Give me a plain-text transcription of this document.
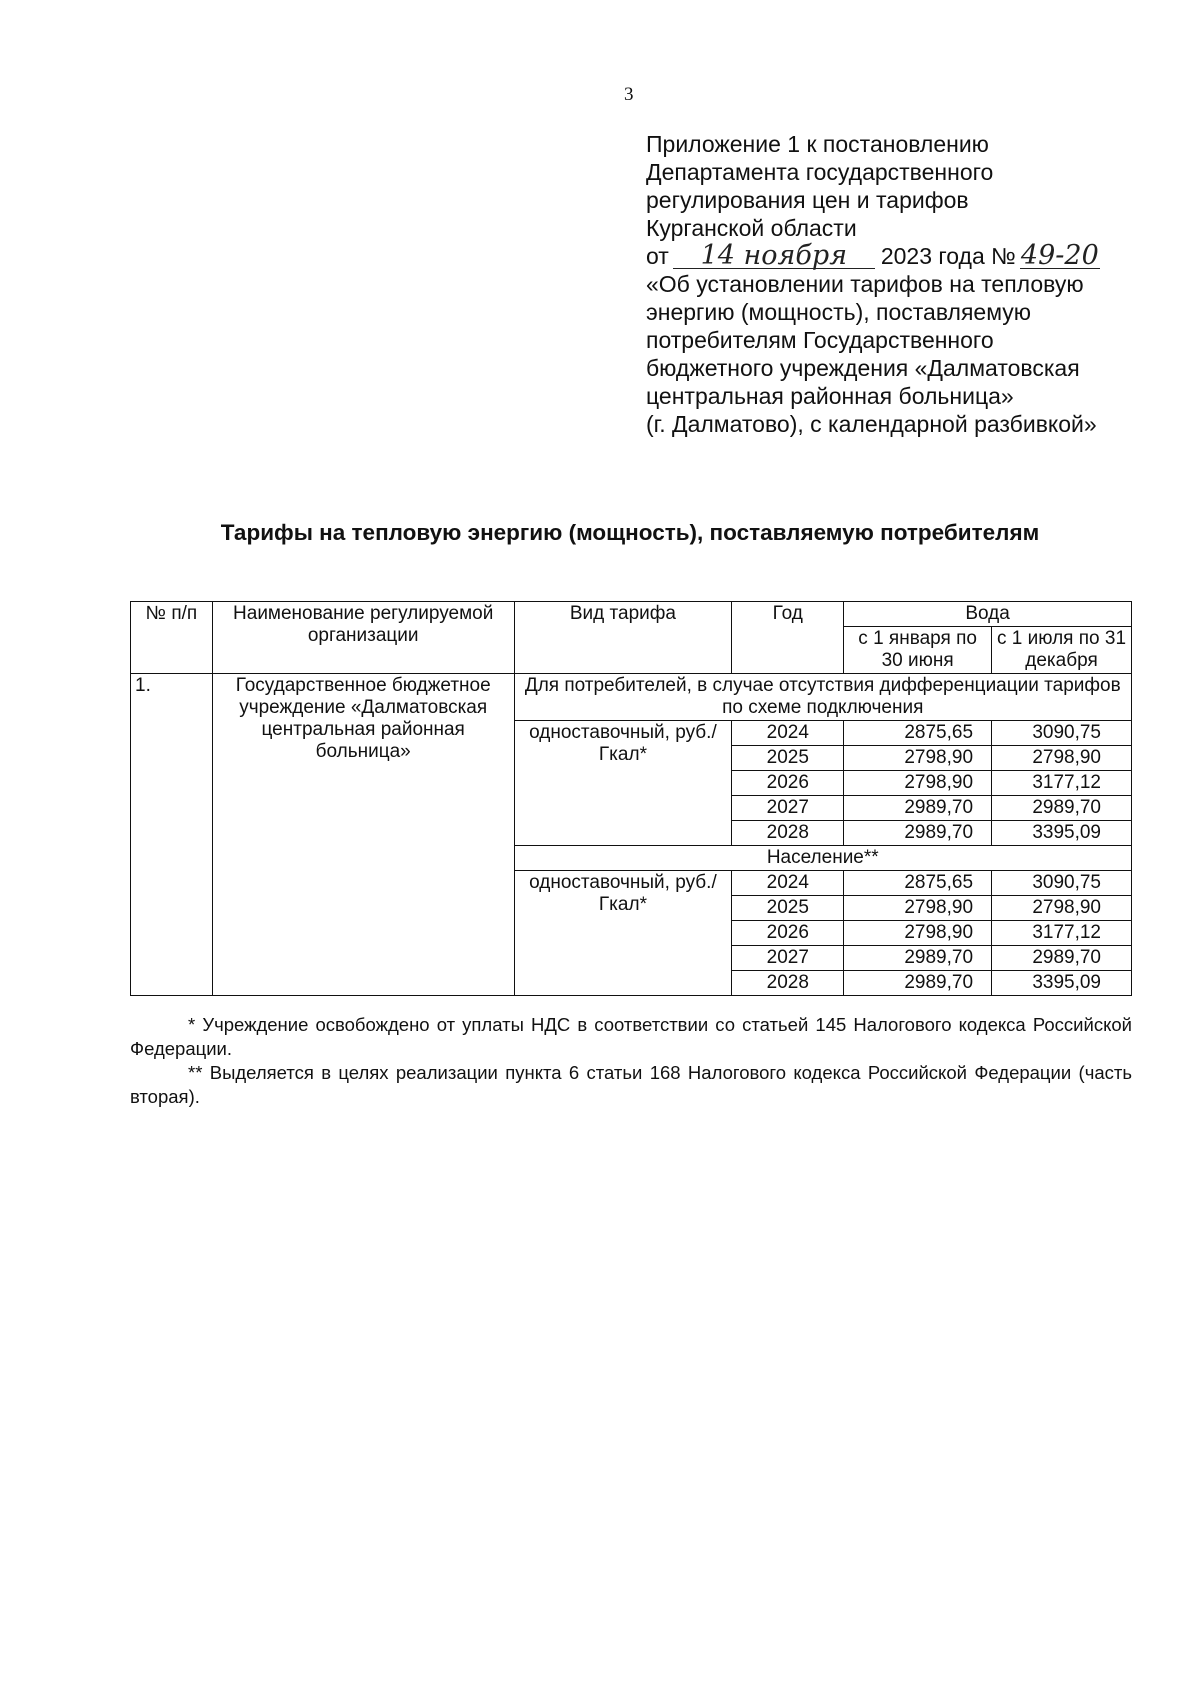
3
Приложение 1 к постановлению
Департамента государственного
регулирования цен и тарифов
Курганской области
от 14 ноября 2023 года № 49-20
«Об установлении тарифов на тепловую
энергию (мощность), поставляемую
потребителям Государственного
бюджетного учреждения «Далматовская
центральная районная больница»
(г. Далматово), с календарной разбивкой»
Тарифы на тепловую энергию (мощность), поставляемую потребителям
№ п/п	Наименование регулируемой организации	Вид тарифа	Год	Вода	
				с 1 января по 30 июня	с 1 июля по 31 декабря
1.	Государственное бюджетное учреждение «Далматовская центральная районная больница»	Для потребителей, в случае отсутствия дифференциации тарифов по схеме подключения			
		одноставочный, руб./Гкал*	2024	2875,65	3090,75
			2025	2798,90	2798,90
			2026	2798,90	3177,12
			2027	2989,70	2989,70
			2028	2989,70	3395,09
		Население**			
		одноставочный, руб./Гкал*	2024	2875,65	3090,75
			2025	2798,90	2798,90
			2026	2798,90	3177,12
			2027	2989,70	2989,70
			2028	2989,70	3395,09

* Учреждение освобождено от уплаты НДС в соответствии со статьей 145 Налогового кодекса Российской Федерации.

** Выделяется в целях реализации пункта 6 статьи 168 Налогового кодекса Российской Федерации (часть вторая).
